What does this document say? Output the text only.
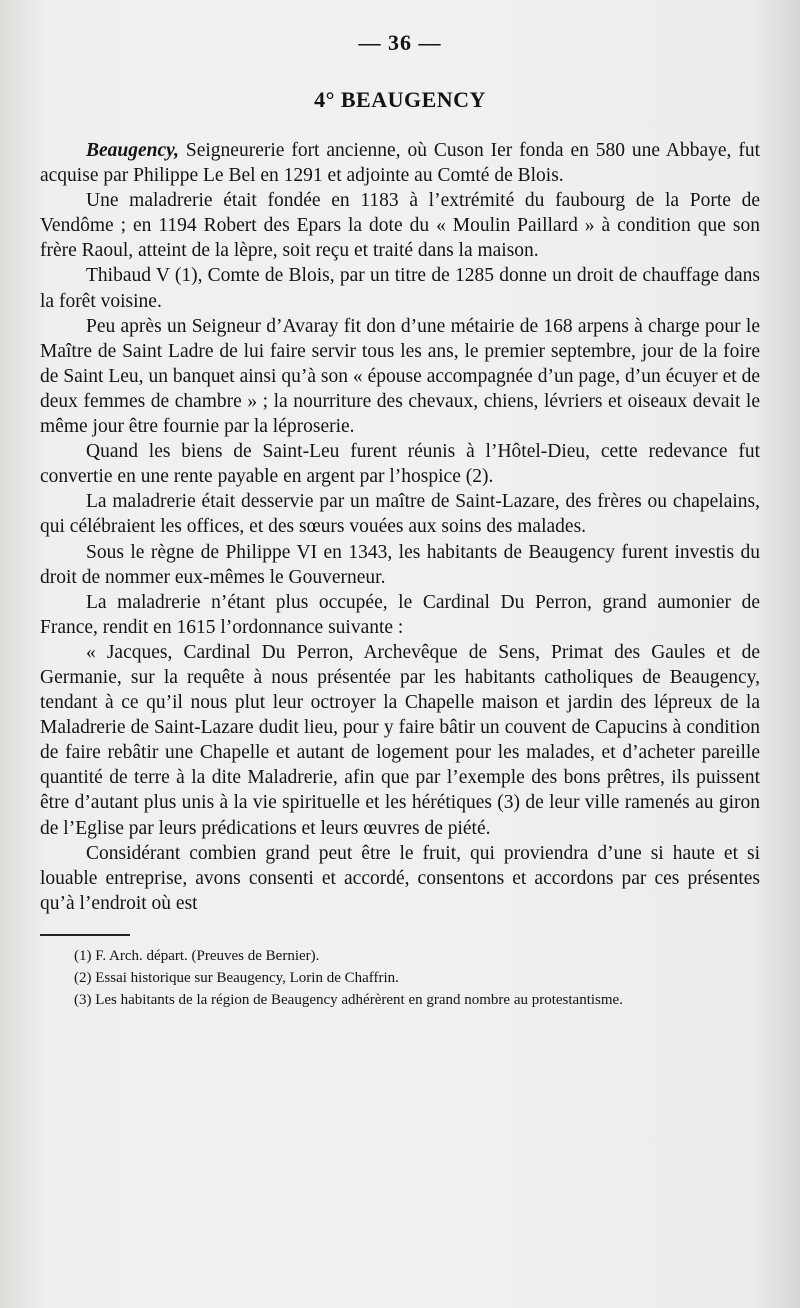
— 36 —
4° BEAUGENCY

Beaugency, Seigneurerie fort ancienne, où Cuson Ier fonda en 580 une Abbaye, fut acquise par Philippe Le Bel en 1291 et adjointe au Comté de Blois.

Une maladrerie était fondée en 1183 à l’extrémité du faubourg de la Porte de Vendôme ; en 1194 Robert des Epars la dote du « Moulin Paillard » à condition que son frère Raoul, atteint de la lèpre, soit reçu et traité dans la maison.

Thibaud V (1), Comte de Blois, par un titre de 1285 donne un droit de chauffage dans la forêt voisine.

Peu après un Seigneur d’Avaray fit don d’une métairie de 168 arpens à charge pour le Maître de Saint Ladre de lui faire servir tous les ans, le premier septembre, jour de la foire de Saint Leu, un banquet ainsi qu’à son « épouse accompagnée d’un page, d’un écuyer et de deux femmes de chambre » ; la nourriture des chevaux, chiens, lévriers et oiseaux devait le même jour être fournie par la léproserie.

Quand les biens de Saint-Leu furent réunis à l’Hôtel-Dieu, cette redevance fut convertie en une rente payable en argent par l’hospice (2).

La maladrerie était desservie par un maître de Saint-Lazare, des frères ou chapelains, qui célébraient les offices, et des sœurs vouées aux soins des malades.

Sous le règne de Philippe VI en 1343, les habitants de Beaugency furent investis du droit de nommer eux-mêmes le Gouverneur.

La maladrerie n’étant plus occupée, le Cardinal Du Perron, grand aumonier de France, rendit en 1615 l’ordonnance suivante :

« Jacques, Cardinal Du Perron, Archevêque de Sens, Primat des Gaules et de Germanie, sur la requête à nous présentée par les habitants catholiques de Beaugency, tendant à ce qu’il nous plut leur octroyer la Chapelle maison et jardin des lépreux de la Maladrerie de Saint-Lazare dudit lieu, pour y faire bâtir un couvent de Capucins à condition de faire rebâtir une Chapelle et autant de logement pour les malades, et d’acheter pareille quantité de terre à la dite Maladrerie, afin que par l’exemple des bons prêtres, ils puissent être d’autant plus unis à la vie spirituelle et les hérétiques (3) de leur ville ramenés au giron de l’Eglise par leurs prédications et leurs œuvres de piété.

Considérant combien grand peut être le fruit, qui proviendra d’une si haute et si louable entreprise, avons consenti et accordé, consentons et accordons par ces présentes qu’à l’endroit où est

(1) F. Arch. départ. (Preuves de Bernier).

(2) Essai historique sur Beaugency, Lorin de Chaffrin.

(3) Les habitants de la région de Beaugency adhérèrent en grand nombre au protestantisme.
